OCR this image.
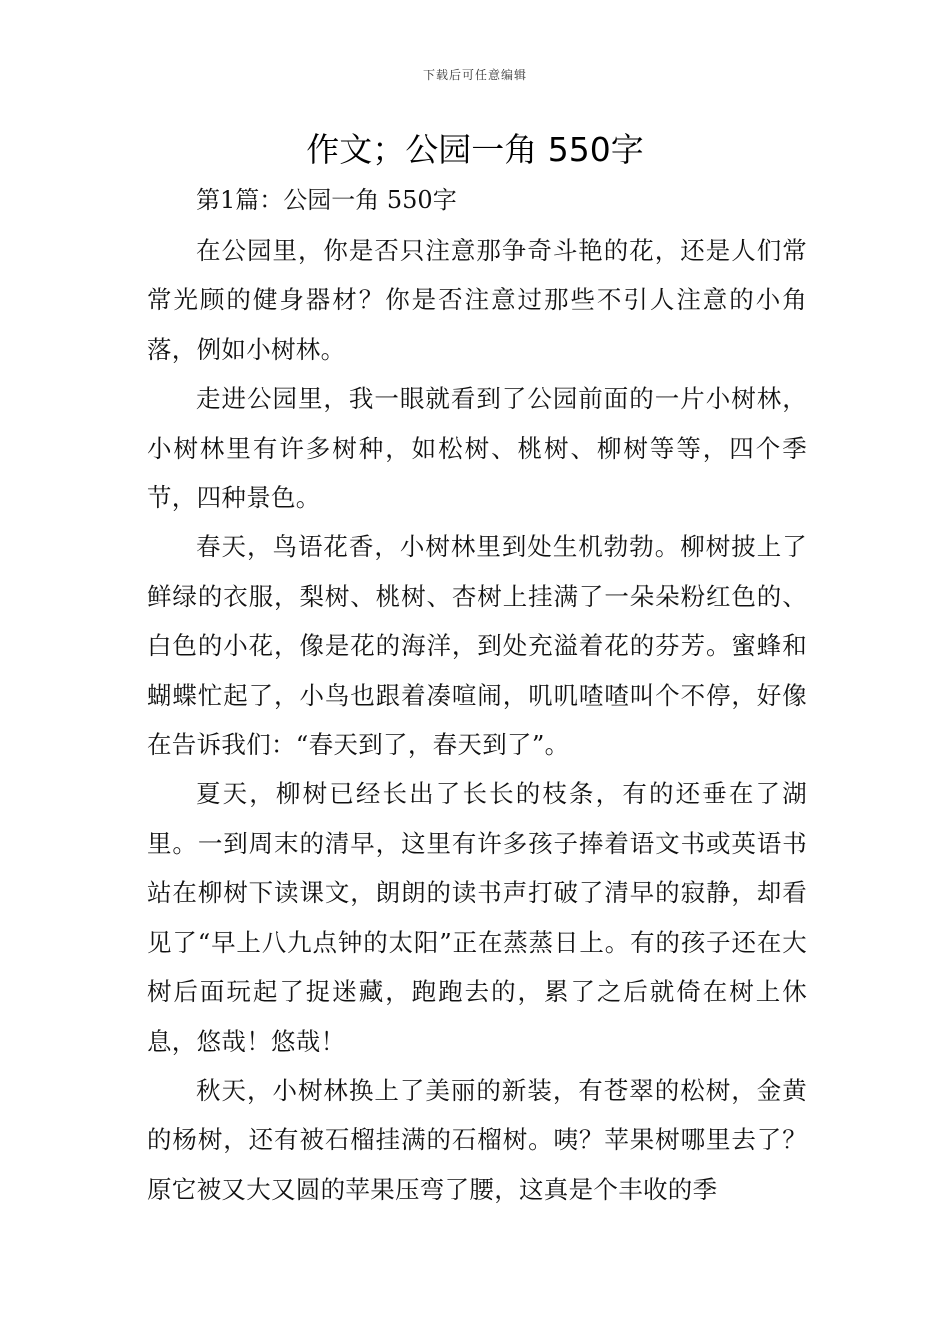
下载后可任意编辑
作文；公园一角 550字

第1篇：公园一角 550字

在公园里，你是否只注意那争奇斗艳的花，还是人们常常光顾的健身器材？你是否注意过那些不引人注意的小角落，例如小树林。

走进公园里，我一眼就看到了公园前面的一片小树林，小树林里有许多树种，如松树、桃树、柳树等等，四个季节，四种景色。

春天，鸟语花香，小树林里到处生机勃勃。柳树披上了鲜绿的衣服，梨树、桃树、杏树上挂满了一朵朵粉红色的、白色的小花，像是花的海洋，到处充溢着花的芬芳。蜜蜂和蝴蝶忙起了，小鸟也跟着凑喧闹，叽叽喳喳叫个不停，好像在告诉我们：“春天到了，春天到了”。

夏天，柳树已经长出了长长的枝条，有的还垂在了湖里。一到周末的清早，这里有许多孩子捧着语文书或英语书站在柳树下读课文，朗朗的读书声打破了清早的寂静，却看见了“早上八九点钟的太阳”正在蒸蒸日上。有的孩子还在大树后面玩起了捉迷藏，跑跑去的，累了之后就倚在树上休息，悠哉！悠哉！

秋天，小树林换上了美丽的新装，有苍翠的松树，金黄的杨树，还有被石榴挂满的石榴树。咦？苹果树哪里去了？原它被又大又圆的苹果压弯了腰，这真是个丰收的季
